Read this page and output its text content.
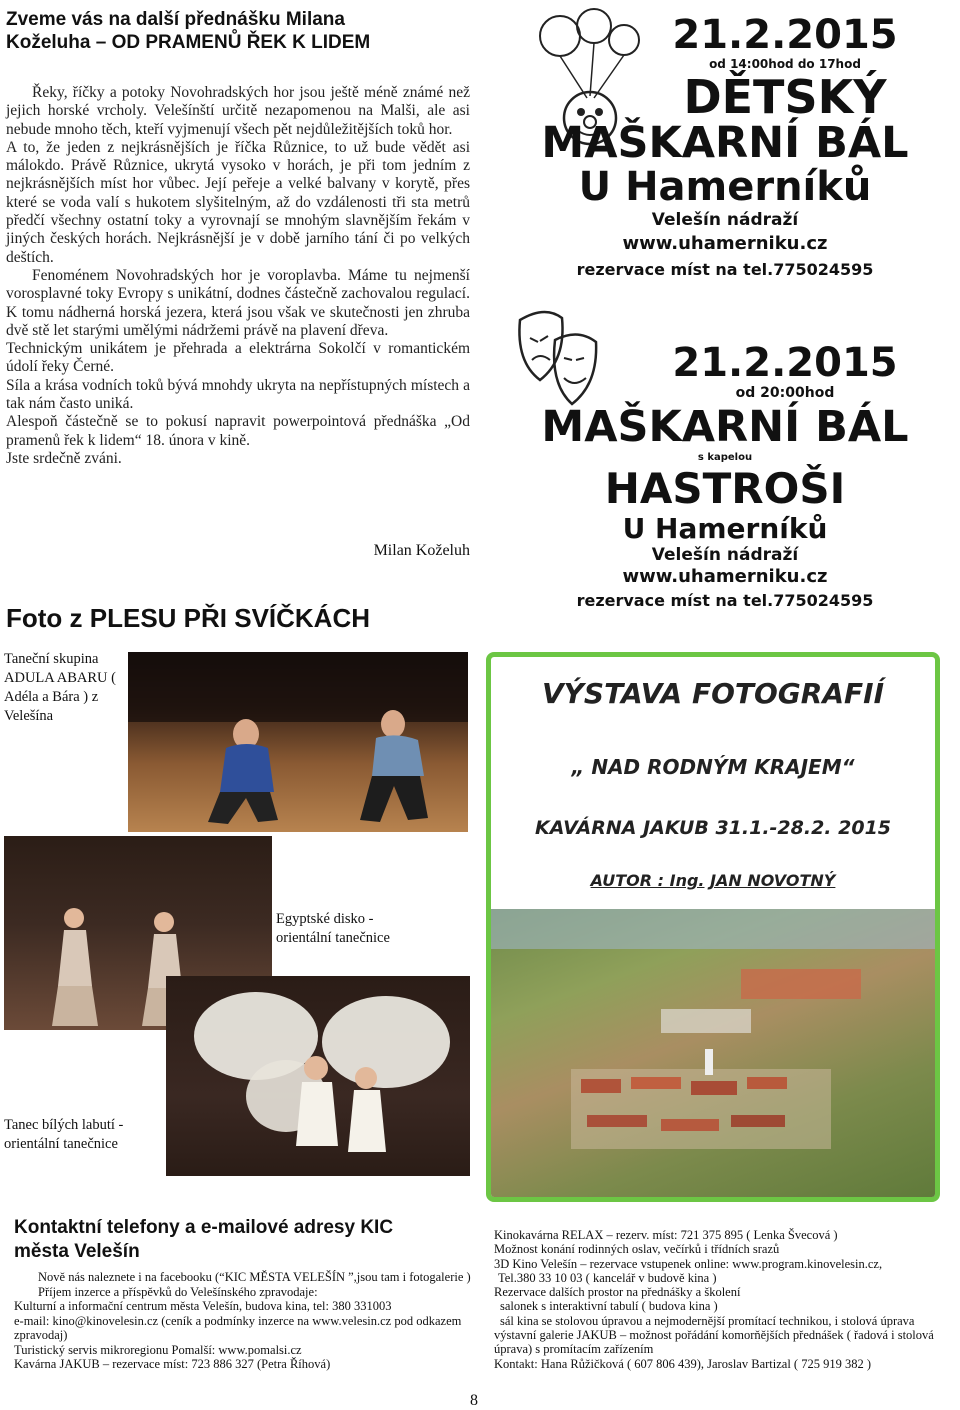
Zveme vás na další přednášku Milana
Koželuha – OD PRAMENŮ ŘEK K LIDEM

Řeky, říčky a potoky Novohradských hor jsou ještě méně známé než jejich horské vrcholy. Velešínští určitě nezapomenou na Malši, ale asi nebude mnoho těch, kteří vyjmenují všech pět nejdůležitějších toků hor.

A to, že jeden z nejkrásnějších je říčka Různice, to už bude vědět asi málokdo. Právě Různice, ukrytá vysoko v horách, je při tom jedním z nejkrásnějších míst hor vůbec. Její peřeje a velké balvany v korytě, přes které se voda valí s hukotem slyšitelným, až do vzdálenosti tři sta metrů předčí všechny ostatní toky a vyrovnají se mnohým slavnějším řekám v jiných českých horách. Nejkrásnější je v době jarního tání či po velkých deštích.

Fenoménem Novohradských hor je voroplavba. Máme tu nejmenší vorosplavné toky Evropy s unikátní, dodnes částečně zachovalou regulací. K tomu nádherná horská jezera, která jsou však ve skutečnosti jen zhruba dvě stě let starými umělými nádržemi právě na plavení dřeva.

Technickým unikátem je přehrada a elektrárna Sokolčí v romantickém údolí řeky Černé.

Síla a krása vodních toků bývá mnohdy ukryta na nepřístupných místech a tak nám často uniká.

Alespoň částečně se to pokusí napravit powerpointová přednáška „Od pramenů řek k lidem“ 18. února v kině.

Jste srdečně zváni.

Milan Koželuh
21.2.2015
od 14:00hod do 17hod
DĚTSKÝ
MAŠKARNÍ BÁL
U Hamerníků
Velešín nádraží
www.uhamerniku.cz
rezervace míst na tel.775024595
21.2.2015
od 20:00hod
MAŠKARNÍ BÁL
s kapelou
HASTROŠI
U Hamerníků
Velešín nádraží
www.uhamerniku.cz
rezervace míst na tel.775024595
Foto z PLESU PŘI SVÍČKÁCH
Taneční skupina ADULA ABARU ( Adéla a Bára ) z Velešína
Egyptské disko - orientální tanečnice
Tanec bílých labutí - orientální tanečnice
VÝSTAVA FOTOGRAFIÍ
„ NAD RODNÝM KRAJEM“
KAVÁRNA JAKUB 31.1.-28.2. 2015
AUTOR : Ing. JAN NOVOTNÝ
Kontaktní telefony a e-mailové adresy KIC
města Velešín

Nově nás naleznete i na facebooku (“KIC MĚSTA VELEŠÍN ”,jsou tam i fotogalerie )

Příjem inzerce a příspěvků do Velešínského zpravodaje:

Kulturní a informační centrum města Velešín, budova kina, tel: 380 331003

e-mail: kino@kinovelesin.cz (ceník a podmínky inzerce na www.velesin.cz pod odkazem zpravodaj)

Turistický servis mikroregionu Pomalší: www.pomalsi.cz

Kavárna JAKUB – rezervace míst: 723 886 327 (Petra Říhová)

Kinokavárna RELAX – rezerv. míst: 721 375 895 ( Lenka Švecová )

Možnost konání rodinných oslav, večírků i třídních srazů

3D Kino Velešín – rezervace vstupenek online: www.program.kinovelesin.cz,

Tel.380 33 10 03 ( kancelář v budově kina )

Rezervace dalších prostor na přednášky a školení

salonek s interaktivní tabulí ( budova kina )

sál kina se stolovou úpravou a nejmodernější promítací technikou, i stolová úprava

výstavní galerie JAKUB – možnost pořádání komorňějších přednášek ( řadová i stolová úprava) s promítacím zařízením

Kontakt: Hana Růžičková ( 607 806 439), Jaroslav Bartizal ( 725 919 382 )

8
